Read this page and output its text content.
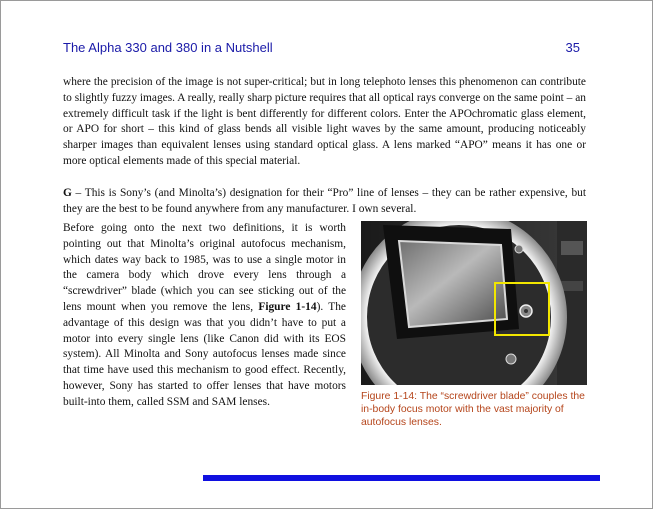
The Alpha 330 and 380 in a Nutshell	35

where the precision of the image is not super-critical; but in long telephoto lenses this phenomenon can contribute to slightly fuzzy images. A really, really sharp picture requires that all optical rays converge on the same point – an extremely difficult task if the light is bent differently for different colors. Enter the APOchromatic glass element, or APO for short – this kind of glass bends all visible light waves by the same amount, producing noticeably sharper images than equivalent lenses using standard optical glass. A lens marked “APO” means it has one or more optical elements made of this special material.

G – This is Sony’s (and Minolta’s) designation for their “Pro” line of lenses – they can be rather expensive, but they are the best to be found anywhere from any manufacturer. I own several.

Before going onto the next two definitions, it is worth pointing out that Minolta’s original autofocus mechanism, which dates way back to 1985, was to use a single motor in the camera body which drove every lens through a “screwdriver” blade (which you can see sticking out of the lens mount when you remove the lens, Figure 1-14). The advantage of this design was that you didn’t have to put a motor into every single lens (like Canon did with its EOS system). All Minolta and Sony autofocus lenses made since that time have used this mechanism to good effect. Recently, however, Sony has started to offer lenses that have motors built-into them, called SSM and SAM lenses.	Figure 1-14: The “screwdriver blade” couples the in-body focus motor with the vast majority of autofocus lenses.
